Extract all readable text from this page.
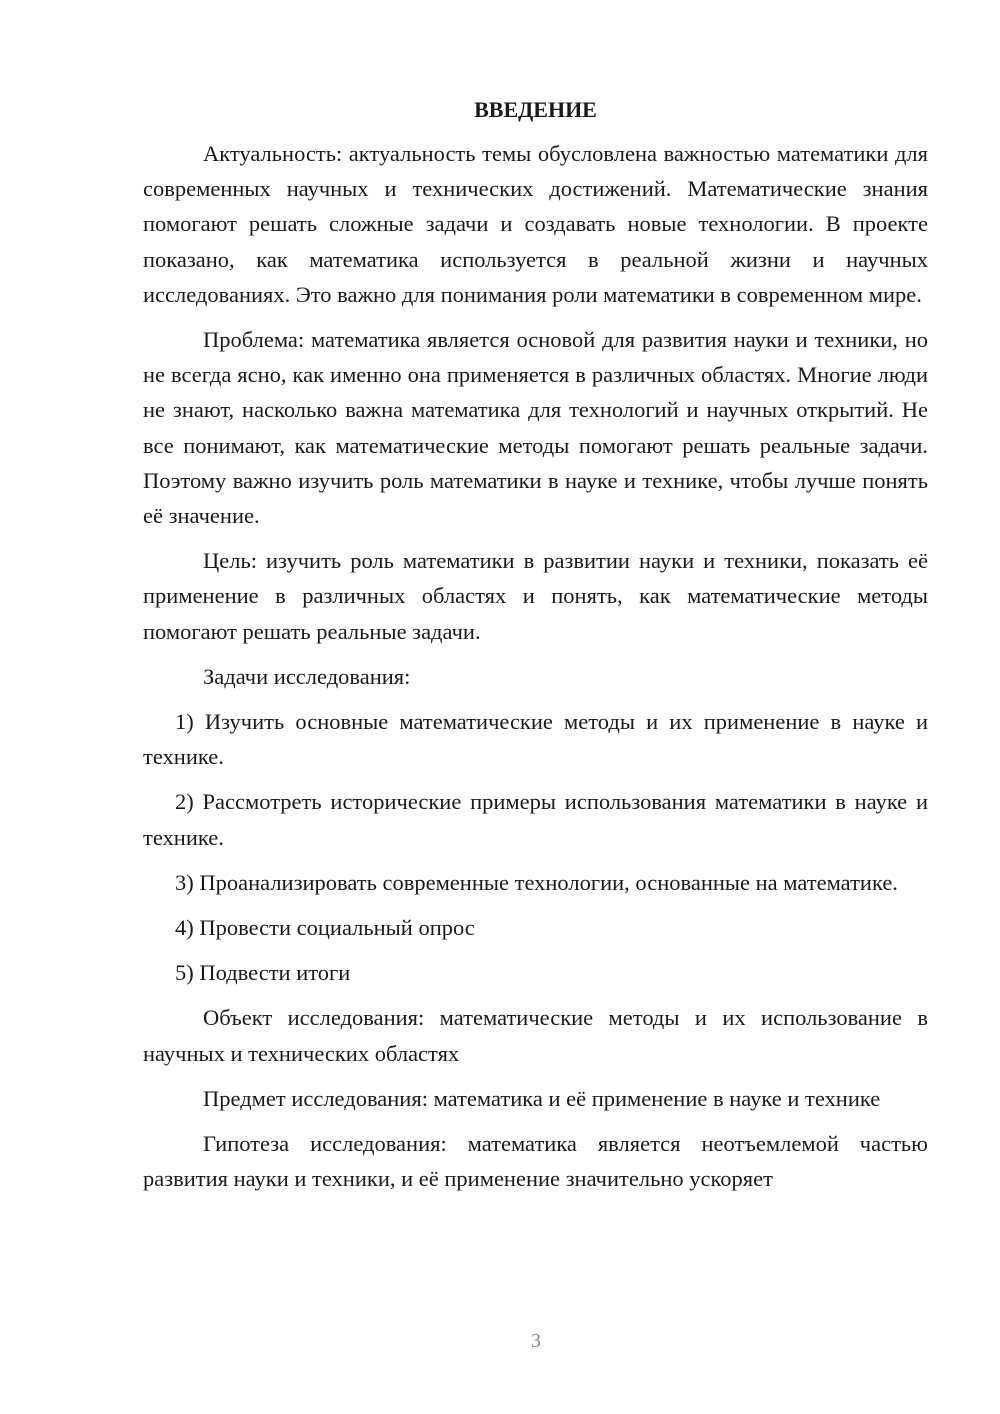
ВВЕДЕНИЕ

Актуальность: актуальность темы обусловлена важностью математики для современных научных и технических достижений. Математические знания помогают решать сложные задачи и создавать новые технологии. В проекте показано, как математика используется в реальной жизни и научных исследованиях. Это важно для понимания роли математики в современном мире.

Проблема: математика является основой для развития науки и техники, но не всегда ясно, как именно она применяется в различных областях. Многие люди не знают, насколько важна математика для технологий и научных открытий. Не все понимают, как математические методы помогают решать реальные задачи. Поэтому важно изучить роль математики в науке и технике, чтобы лучше понять её значение.

Цель: изучить роль математики в развитии науки и техники, показать её применение в различных областях и понять, как математические методы помогают решать реальные задачи.

Задачи исследования:

1) Изучить основные математические методы и их применение в науке и технике.

2) Рассмотреть исторические примеры использования математики в науке и технике.

3) Проанализировать современные технологии, основанные на математике.

4) Провести социальный опрос

5) Подвести итоги

Объект исследования: математические методы и их использование в научных и технических областях

Предмет исследования: математика и её применение в науке и технике

Гипотеза исследования: математика является неотъемлемой частью развития науки и техники, и её применение значительно ускоряет

3
